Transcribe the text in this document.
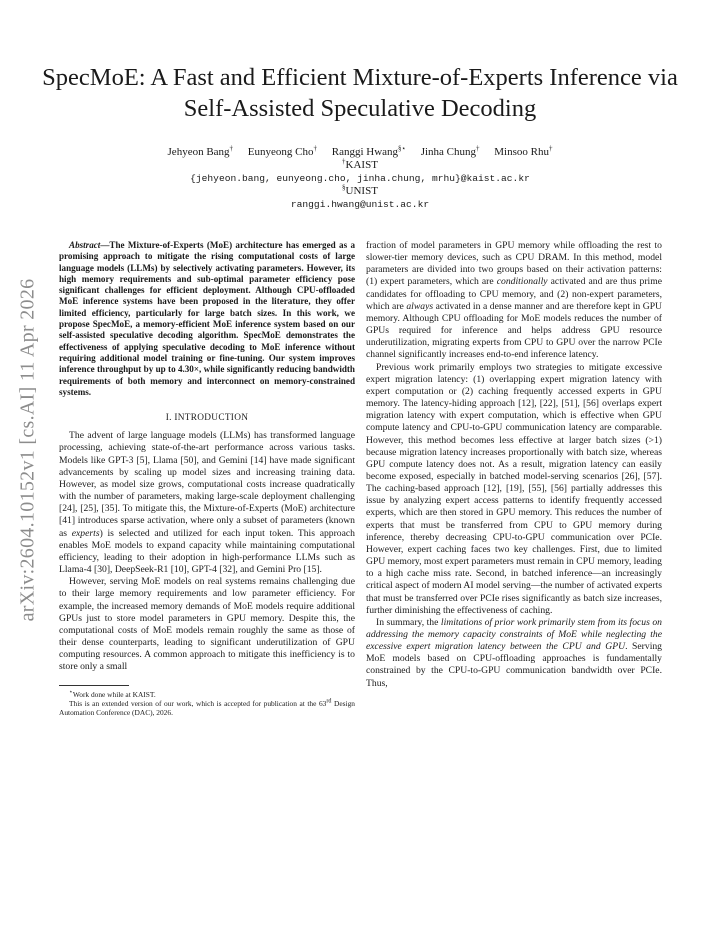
SpecMoE: A Fast and Efficient Mixture-of-Experts Inference via Self-Assisted Speculative Decoding
Jehyeon Bang† Eunyeong Cho† Ranggi Hwang§⋆ Jinha Chung† Minsoo Rhu†
†KAIST
{jehyeon.bang, eunyeong.cho, jinha.chung, mrhu}@kaist.ac.kr
§UNIST
ranggi.hwang@unist.ac.kr
arXiv:2604.10152v1 [cs.AI] 11 Apr 2026

Abstract—The Mixture-of-Experts (MoE) architecture has emerged as a promising approach to mitigate the rising computational costs of large language models (LLMs) by selectively activating parameters. However, its high memory requirements and sub-optimal parameter efficiency pose significant challenges for efficient deployment. Although CPU-offloaded MoE inference systems have been proposed in the literature, they offer limited efficiency, particularly for large batch sizes. In this work, we propose SpecMoE, a memory-efficient MoE inference system based on our self-assisted speculative decoding algorithm. SpecMoE demonstrates the effectiveness of applying speculative decoding to MoE inference without requiring additional model training or fine-tuning. Our system improves inference throughput by up to 4.30×, while significantly reducing bandwidth requirements of both memory and interconnect on memory-constrained systems.

I. INTRODUCTION

The advent of large language models (LLMs) has transformed language processing, achieving state-of-the-art performance across various tasks. Models like GPT-3 [5], Llama [50], and Gemini [14] have made significant advancements by scaling up model sizes and increasing training data. However, as model size grows, computational costs increase quadratically with the number of parameters, making large-scale deployment challenging [24], [25], [35]. To mitigate this, the Mixture-of-Experts (MoE) architecture [41] introduces sparse activation, where only a subset of parameters (known as experts) is selected and utilized for each input token. This approach enables MoE models to expand capacity while maintaining computational efficiency, leading to their adoption in high-performance LLMs such as Llama-4 [30], DeepSeek-R1 [10], GPT-4 [32], and Gemini Pro [15].

However, serving MoE models on real systems remains challenging due to their large memory requirements and low parameter efficiency. For example, the increased memory demands of MoE models require additional GPUs just to store model parameters in GPU memory. Despite this, the computational costs of MoE models remain roughly the same as those of their dense counterparts, leading to significant underutilization of GPU computing resources. A common approach to mitigate this inefficiency is to store only a small

⋆Work done while at KAIST.

This is an extended version of our work, which is accepted for publication at the 63rd Design Automation Conference (DAC), 2026.

fraction of model parameters in GPU memory while offloading the rest to slower-tier memory devices, such as CPU DRAM. In this method, model parameters are divided into two groups based on their activation patterns: (1) expert parameters, which are conditionally activated and are thus prime candidates for offloading to CPU memory, and (2) non-expert parameters, which are always activated in a dense manner and are therefore kept in GPU memory. Although CPU offloading for MoE models reduces the number of GPUs required for inference and helps address GPU resource underutilization, migrating experts from CPU to GPU over the narrow PCIe channel significantly increases end-to-end inference latency.

Previous work primarily employs two strategies to mitigate excessive expert migration latency: (1) overlapping expert migration latency with expert computation or (2) caching frequently accessed experts in GPU memory. The latency-hiding approach [12], [22], [51], [56] overlaps expert migration latency with expert computation, which is effective when GPU compute latency and CPU-to-GPU communication latency are comparable. However, this method becomes less effective at larger batch sizes (>1) because migration latency increases proportionally with batch size, whereas GPU compute latency does not. As a result, migration latency can easily become exposed, especially in batched model-serving scenarios [26], [57]. The caching-based approach [12], [19], [55], [56] partially addresses this issue by analyzing expert access patterns to identify frequently accessed experts, which are then stored in GPU memory. This reduces the number of experts that must be transferred from CPU to GPU memory during inference, thereby decreasing CPU-to-GPU communication over PCIe. However, expert caching faces two key challenges. First, due to limited GPU memory, most expert parameters must remain in CPU memory, leading to a high cache miss rate. Second, in batched inference—an increasingly critical aspect of modern AI model serving—the number of activated experts that must be transferred over PCIe rises significantly as batch size increases, further diminishing the effectiveness of caching.

In summary, the limitations of prior work primarily stem from its focus on addressing the memory capacity constraints of MoE while neglecting the excessive expert migration latency between the CPU and GPU. Serving MoE models based on CPU-offloading approaches is fundamentally constrained by the CPU-to-GPU communication bandwidth over PCIe. Thus,
